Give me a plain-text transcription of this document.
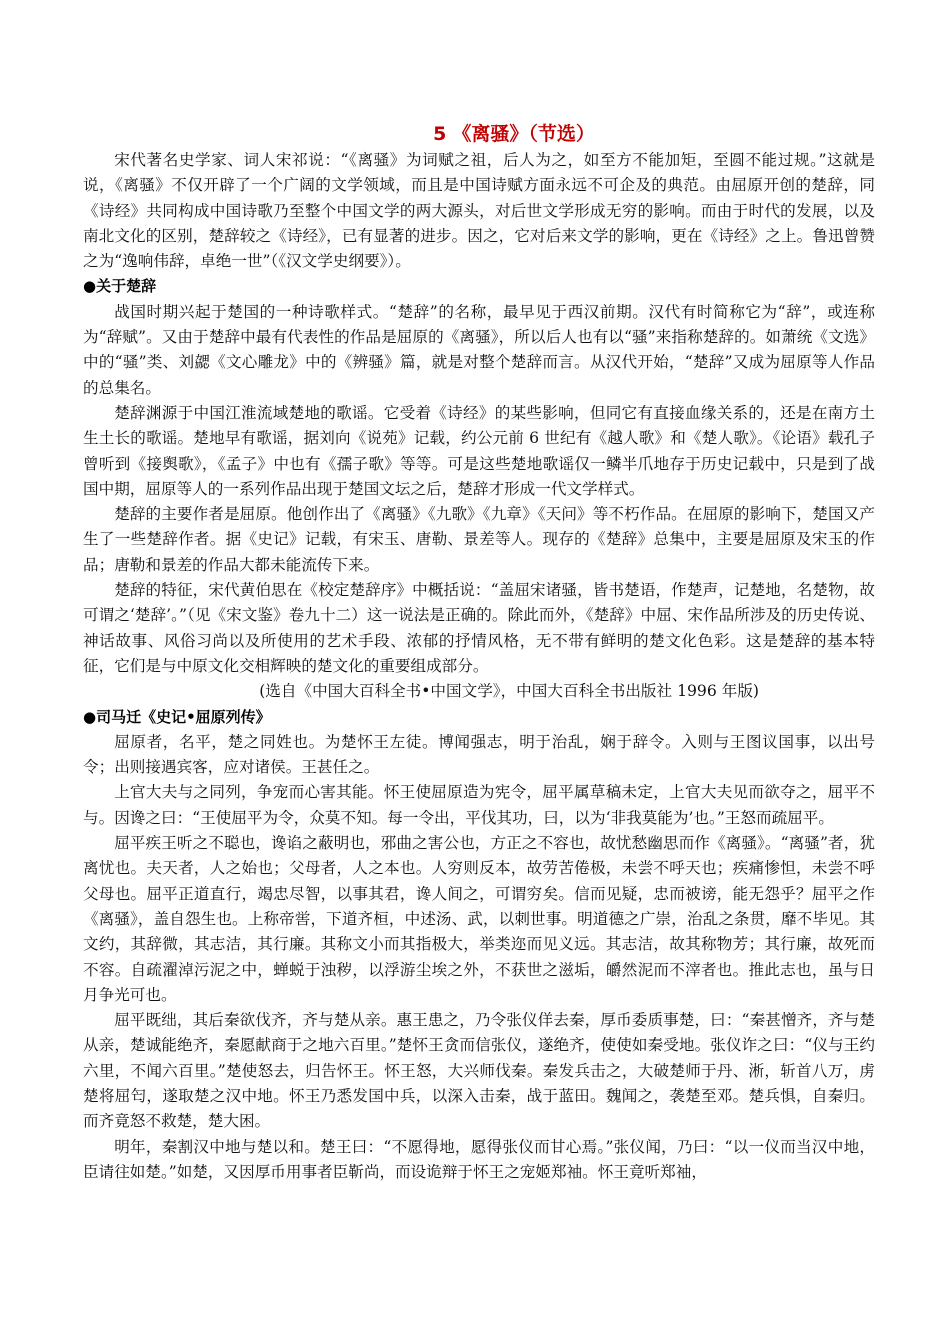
5 《离骚》（节选）

宋代著名史学家、词人宋祁说：“《离骚》为词赋之祖，后人为之，如至方不能加矩，至圆不能过规。”这就是说，《离骚》不仅开辟了一个广阔的文学领域，而且是中国诗赋方面永远不可企及的典范。由屈原开创的楚辞，同《诗经》共同构成中国诗歌乃至整个中国文学的两大源头，对后世文学形成无穷的影响。而由于时代的发展，以及南北文化的区别，楚辞较之《诗经》，已有显著的进步。因之，它对后来文学的影响，更在《诗经》之上。鲁迅曾赞之为“逸响伟辞，卓绝一世”（《汉文学史纲要》）。

●关于楚辞

战国时期兴起于楚国的一种诗歌样式。“楚辞”的名称，最早见于西汉前期。汉代有时简称它为“辞”，或连称为“辞赋”。又由于楚辞中最有代表性的作品是屈原的《离骚》，所以后人也有以“骚”来指称楚辞的。如萧统《文选》中的“骚”类、刘勰《文心雕龙》中的《辨骚》篇，就是对整个楚辞而言。从汉代开始，“楚辞”又成为屈原等人作品的总集名。

楚辞渊源于中国江淮流域楚地的歌谣。它受着《诗经》的某些影响，但同它有直接血缘关系的，还是在南方土生土长的歌谣。楚地早有歌谣，据刘向《说苑》记载，约公元前 6 世纪有《越人歌》和《楚人歌》。《论语》载孔子曾听到《接舆歌》，《孟子》中也有《孺子歌》等等。可是这些楚地歌谣仅一鳞半爪地存于历史记载中，只是到了战国中期，屈原等人的一系列作品出现于楚国文坛之后，楚辞才形成一代文学样式。

楚辞的主要作者是屈原。他创作出了《离骚》《九歌》《九章》《天问》等不朽作品。在屈原的影响下，楚国又产生了一些楚辞作者。据《史记》记载，有宋玉、唐勒、景差等人。现存的《楚辞》总集中，主要是屈原及宋玉的作品；唐勒和景差的作品大都未能流传下来。

楚辞的特征，宋代黄伯思在《校定楚辞序》中概括说：“盖屈宋诸骚，皆书楚语，作楚声，记楚地，名楚物，故可谓之‘楚辞’。”（见《宋文鉴》卷九十二）这一说法是正确的。除此而外，《楚辞》中屈、宋作品所涉及的历史传说、神话故事、风俗习尚以及所使用的艺术手段、浓郁的抒情风格，无不带有鲜明的楚文化色彩。这是楚辞的基本特征，它们是与中原文化交相辉映的楚文化的重要组成部分。

(选自《中国大百科全书•中国文学》，中国大百科全书出版社 1996 年版)

●司马迁《史记•屈原列传》

屈原者，名平，楚之同姓也。为楚怀王左徒。博闻强志，明于治乱，娴于辞令。入则与王图议国事，以出号令；出则接遇宾客，应对诸侯。王甚任之。

上官大夫与之同列，争宠而心害其能。怀王使屈原造为宪令，屈平属草稿未定，上官大夫见而欲夺之，屈平不与。因谗之曰：“王使屈平为令，众莫不知。每一令出，平伐其功，曰，以为‘非我莫能为’也。”王怒而疏屈平。

屈平疾王听之不聪也，谗谄之蔽明也，邪曲之害公也，方正之不容也，故忧愁幽思而作《离骚》。“离骚”者，犹离忧也。夫天者，人之始也；父母者，人之本也。人穷则反本，故劳苦倦极，未尝不呼天也；疾痛惨怛，未尝不呼父母也。屈平正道直行，竭忠尽智，以事其君，谗人间之，可谓穷矣。信而见疑，忠而被谤，能无怨乎？屈平之作《离骚》，盖自怨生也。上称帝喾，下道齐桓，中述汤、武，以刺世事。明道德之广崇，治乱之条贯，靡不毕见。其文约，其辞微，其志洁，其行廉。其称文小而其指极大，举类迩而见义远。其志洁，故其称物芳；其行廉，故死而不容。自疏濯淖污泥之中，蝉蜕于浊秽，以浮游尘埃之外，不获世之滋垢，皭然泥而不滓者也。推此志也，虽与日月争光可也。

屈平既绌，其后秦欲伐齐，齐与楚从亲。惠王患之，乃令张仪佯去秦，厚币委质事楚，曰：“秦甚憎齐，齐与楚从亲，楚诚能绝齐，秦愿献商于之地六百里。”楚怀王贪而信张仪，遂绝齐，使使如秦受地。张仪诈之曰：“仪与王约六里，不闻六百里。”楚使怒去，归告怀王。怀王怒，大兴师伐秦。秦发兵击之，大破楚师于丹、淅，斩首八万，虏楚将屈匄，遂取楚之汉中地。怀王乃悉发国中兵，以深入击秦，战于蓝田。魏闻之，袭楚至邓。楚兵惧，自秦归。而齐竟怒不救楚，楚大困。

明年，秦割汉中地与楚以和。楚王曰：“不愿得地，愿得张仪而甘心焉。”张仪闻，乃曰：“以一仪而当汉中地，臣请往如楚。”如楚，又因厚币用事者臣靳尚，而设诡辩于怀王之宠姬郑袖。怀王竟听郑袖，
